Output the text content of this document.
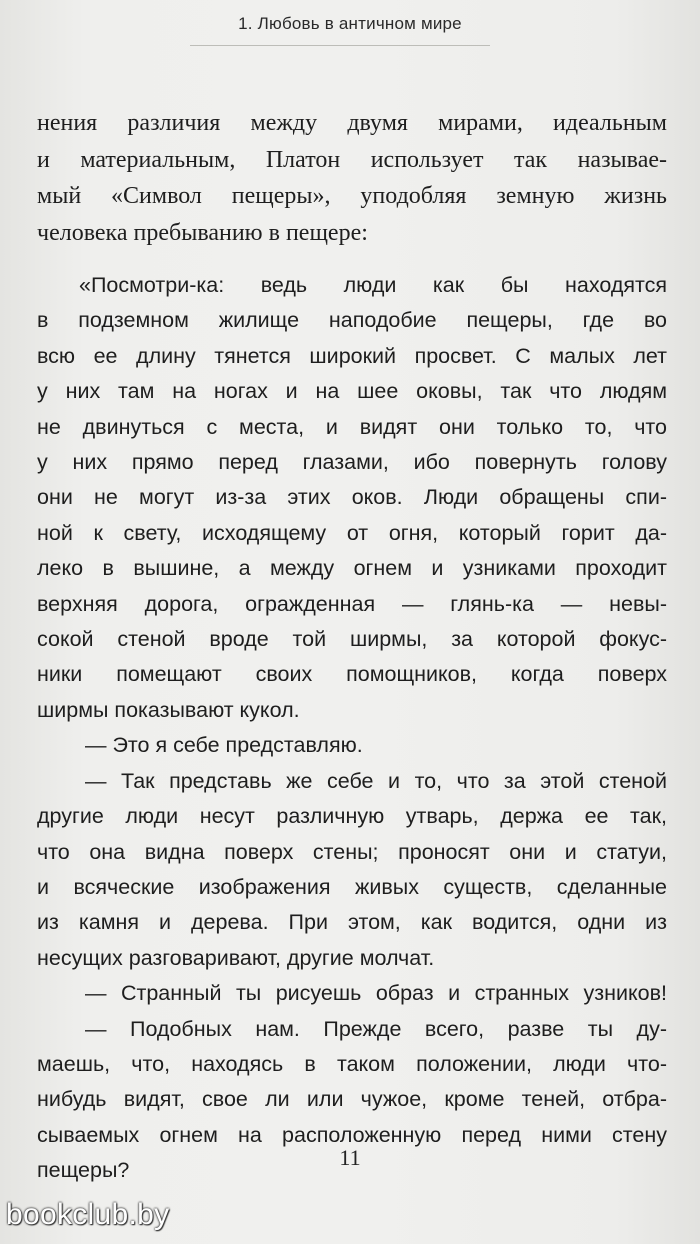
1. Любовь в античном мире
нения различия между двумя мирами, идеальным
и материальным, Платон использует так называе-
мый «Символ пещеры», уподобляя земную жизнь
человека пребыванию в пещере:
«Посмотри-ка: ведь люди как бы находятся
в подземном жилище наподобие пещеры, где во
всю ее длину тянется широкий просвет. С малых лет
у них там на ногах и на шее оковы, так что людям
не двинуться с места, и видят они только то, что
у них прямо перед глазами, ибо повернуть голову
они не могут из-за этих оков. Люди обращены спи-
ной к свету, исходящему от огня, который горит да-
леко в вышине, а между огнем и узниками проходит
верхняя дорога, огражденная — глянь-ка — невы-
сокой стеной вроде той ширмы, за которой фокус-
ники помещают своих помощников, когда поверх
ширмы показывают кукол.
— Это я себе представляю.
— Так представь же себе и то, что за этой стеной
другие люди несут различную утварь, держа ее так,
что она видна поверх стены; проносят они и статуи,
и всяческие изображения живых существ, сделанные
из камня и дерева. При этом, как водится, одни из
несущих разговаривают, другие молчат.
— Странный ты рисуешь образ и странных узников!
— Подобных нам. Прежде всего, разве ты ду-
маешь, что, находясь в таком положении, люди что-
нибудь видят, свое ли или чужое, кроме теней, отбра-
сываемых огнем на расположенную перед ними стену
пещеры?
11
bookclub.by
